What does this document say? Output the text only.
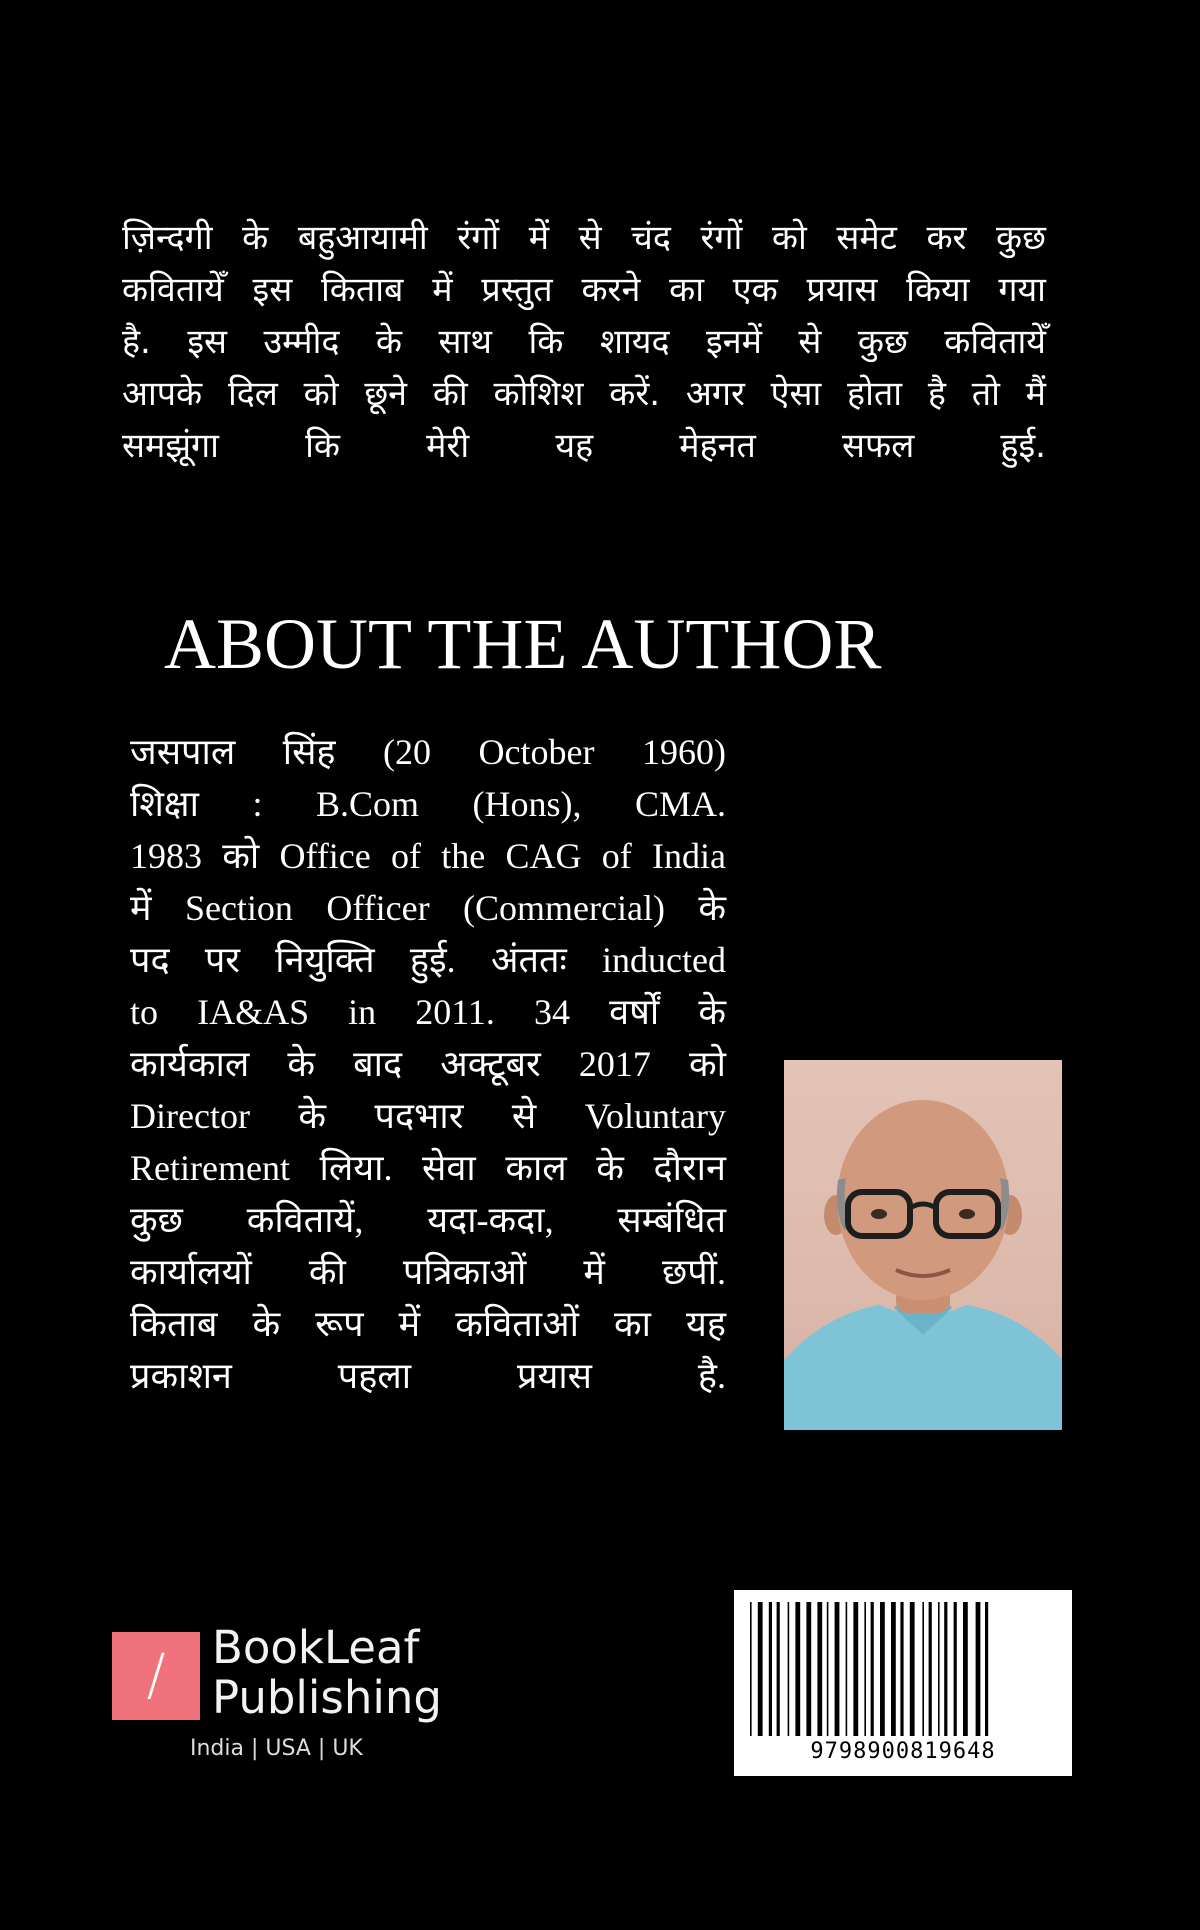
ज़िन्दगी के बहुआयामी रंगों में से चंद रंगों को समेट कर कुछ
कवितायेँ इस किताब में प्रस्तुत करने का एक प्रयास किया गया
है. इस उम्मीद के साथ कि शायद इनमें से कुछ कवितायेँ
आपके दिल को छूने की कोशिश करें. अगर ऐसा होता है तो मैं
समझूंगा कि मेरी यह मेहनत सफल हुई.
ABOUT THE AUTHOR
जसपाल सिंह (20 October 1960)
शिक्षा : B.Com (Hons), CMA.
1983 को Office of the CAG of India
में Section Officer (Commercial) के
पद पर नियुक्ति हुई. अंततः inducted
to IA&AS in 2011. 34 वर्षों के
कार्यकाल के बाद अक्टूबर 2017 को
Director के पदभार से Voluntary
Retirement लिया. सेवा काल के दौरान
कुछ कवितायें, यदा-कदा, सम्बंधित
कार्यालयों की पत्रिकाओं में छपीं.
किताब के रूप में कविताओं का यह
प्रकाशन पहला प्रयास है.
/	BookLeaf
Publishing
India | USA | UK	9798900819648
